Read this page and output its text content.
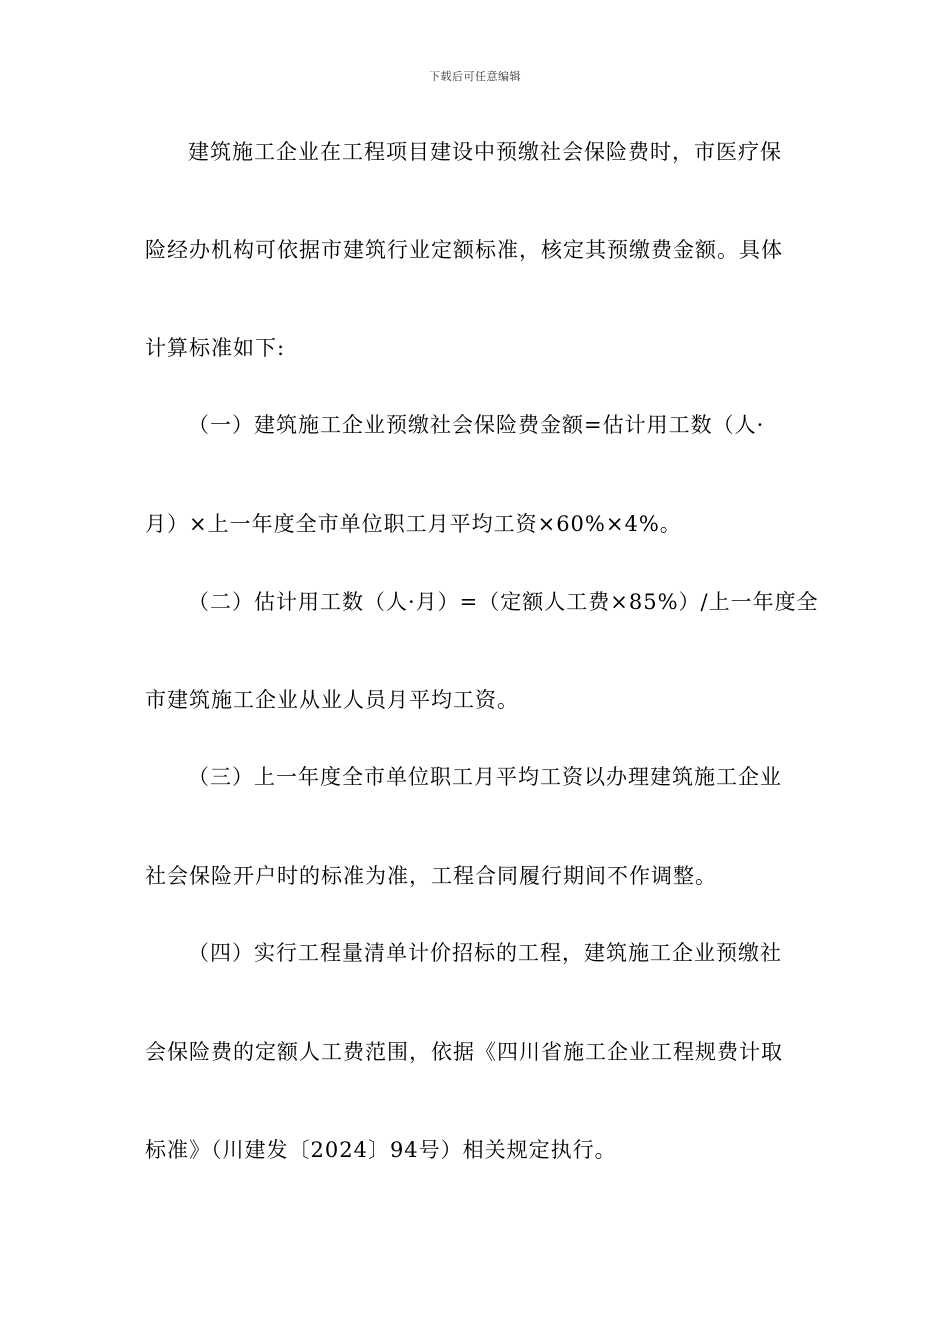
下载后可任意编辑
建筑施工企业在工程项目建设中预缴社会保险费时，市医疗保
险经办机构可依据市建筑行业定额标准，核定其预缴费金额。具体
计算标准如下:
（一）建筑施工企业预缴社会保险费金额=估计用工数（人·
月）×上一年度全市单位职工月平均工资×60%×4%。
（二）估计用工数（人·月）=（定额人工费×85%）/上一年度全
市建筑施工企业从业人员月平均工资。
（三）上一年度全市单位职工月平均工资以办理建筑施工企业
社会保险开户时的标准为准，工程合同履行期间不作调整。
（四）实行工程量清单计价招标的工程，建筑施工企业预缴社
会保险费的定额人工费范围，依据《四川省施工企业工程规费计取
标准》（川建发〔2024〕94号）相关规定执行。
